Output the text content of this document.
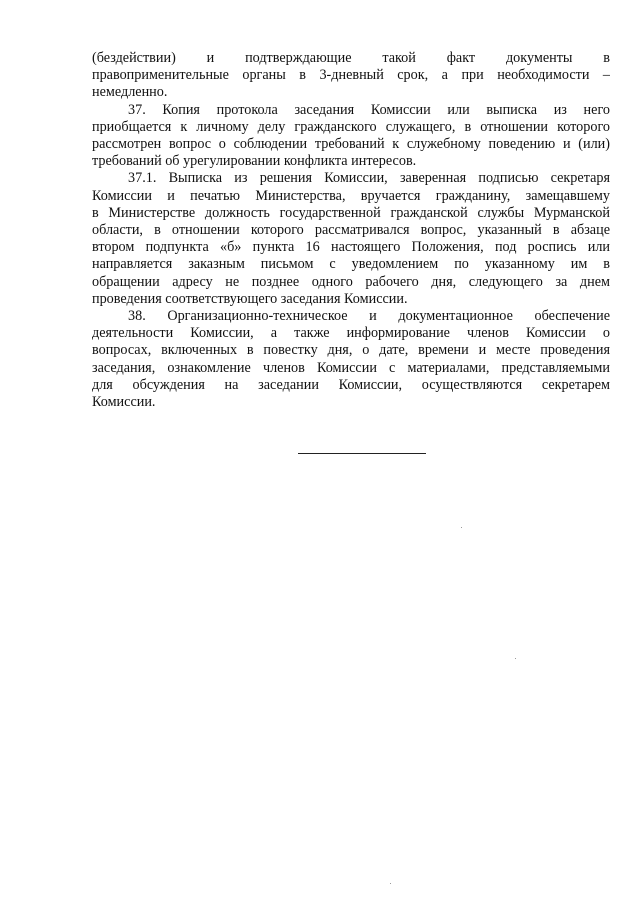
(бездействии) и подтверждающие такой факт документы в
правоприменительные органы в 3-дневный срок, а при необходимости –
немедленно.

37. Копия протокола заседания Комиссии или выписка из него
приобщается к личному делу гражданского служащего, в отношении которого
рассмотрен вопрос о соблюдении требований к служебному поведению и (или)
требований об урегулировании конфликта интересов.

37.1. Выписка из решения Комиссии, заверенная подписью секретаря
Комиссии и печатью Министерства, вручается гражданину, замещавшему
в Министерстве должность государственной гражданской службы Мурманской
области, в отношении которого рассматривался вопрос, указанный в абзаце
втором подпункта «б» пункта 16 настоящего Положения, под роспись или
направляется заказным письмом с уведомлением по указанному им в
обращении адресу не позднее одного рабочего дня, следующего за днем
проведения соответствующего заседания Комиссии.

38. Организационно-техническое и документационное обеспечение
деятельности Комиссии, а также информирование членов Комиссии о
вопросах, включенных в повестку дня, о дате, времени и месте проведения
заседания, ознакомление членов Комиссии с материалами, представляемыми
для обсуждения на заседании Комиссии, осуществляются секретарем
Комиссии.
